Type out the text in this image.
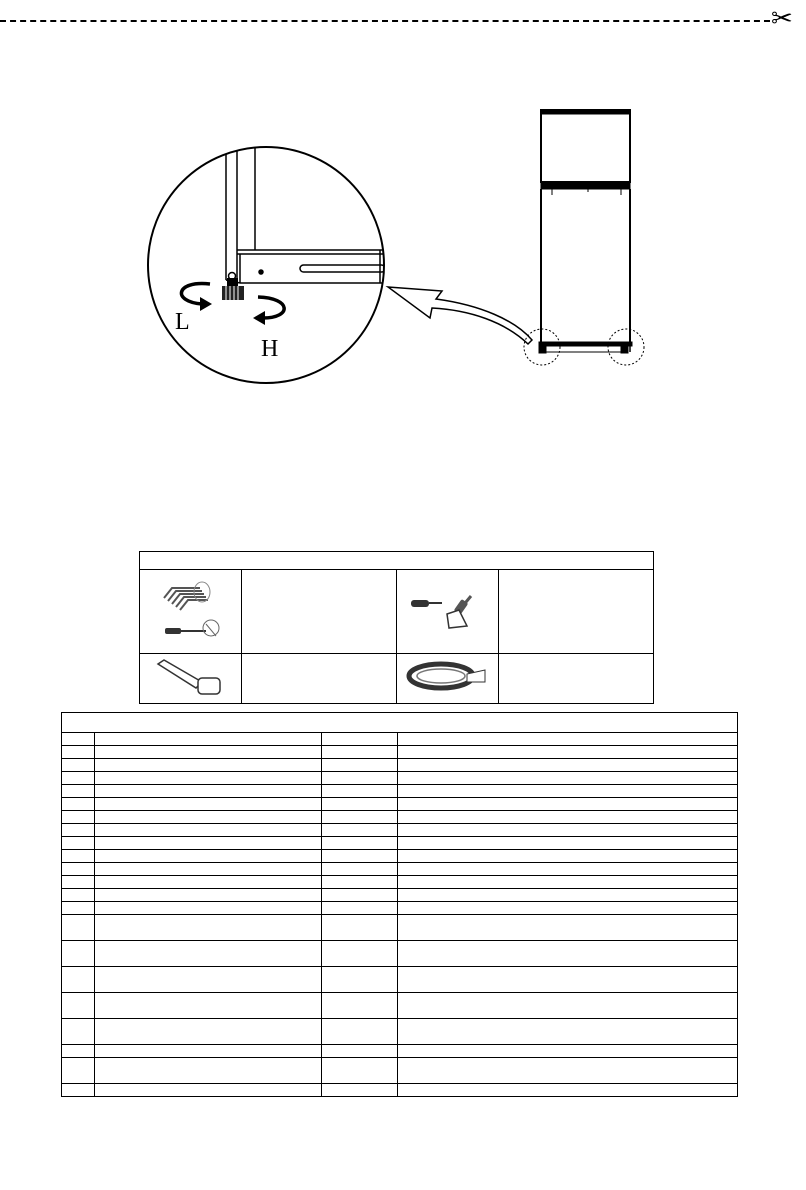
✂
L
H
